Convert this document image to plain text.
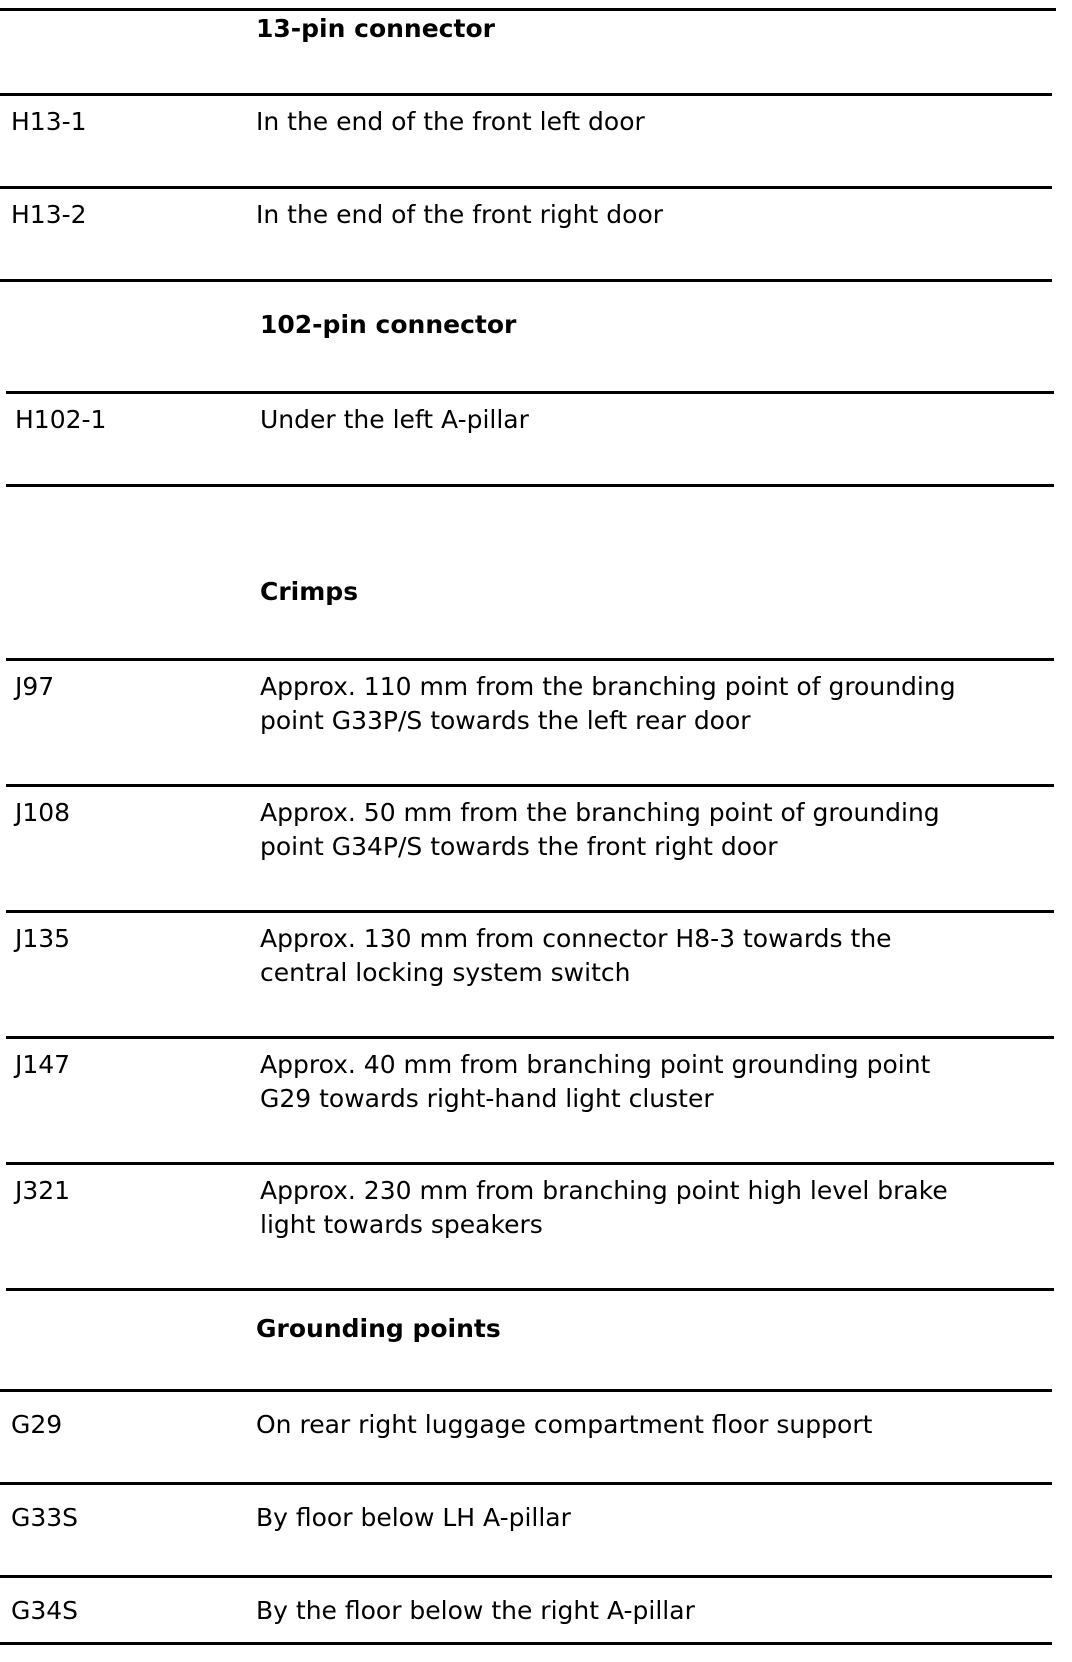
13-pin connector
H13-1	In the end of the front left door
H13-2	In the end of the front right door
102-pin connector
H102-1	Under the left A-pillar
Crimps
J97	Approx. 110 mm from the branching point of grounding
point G33P/S towards the left rear door
J108	Approx. 50 mm from the branching point of grounding
point G34P/S towards the front right door
J135	Approx. 130 mm from connector H8-3 towards the
central locking system switch
J147	Approx. 40 mm from branching point grounding point
G29 towards right-hand light cluster
J321	Approx. 230 mm from branching point high level brake
light towards speakers
Grounding points
G29	On rear right luggage compartment floor support
G33S	By floor below LH A-pillar
G34S	By the floor below the right A-pillar
